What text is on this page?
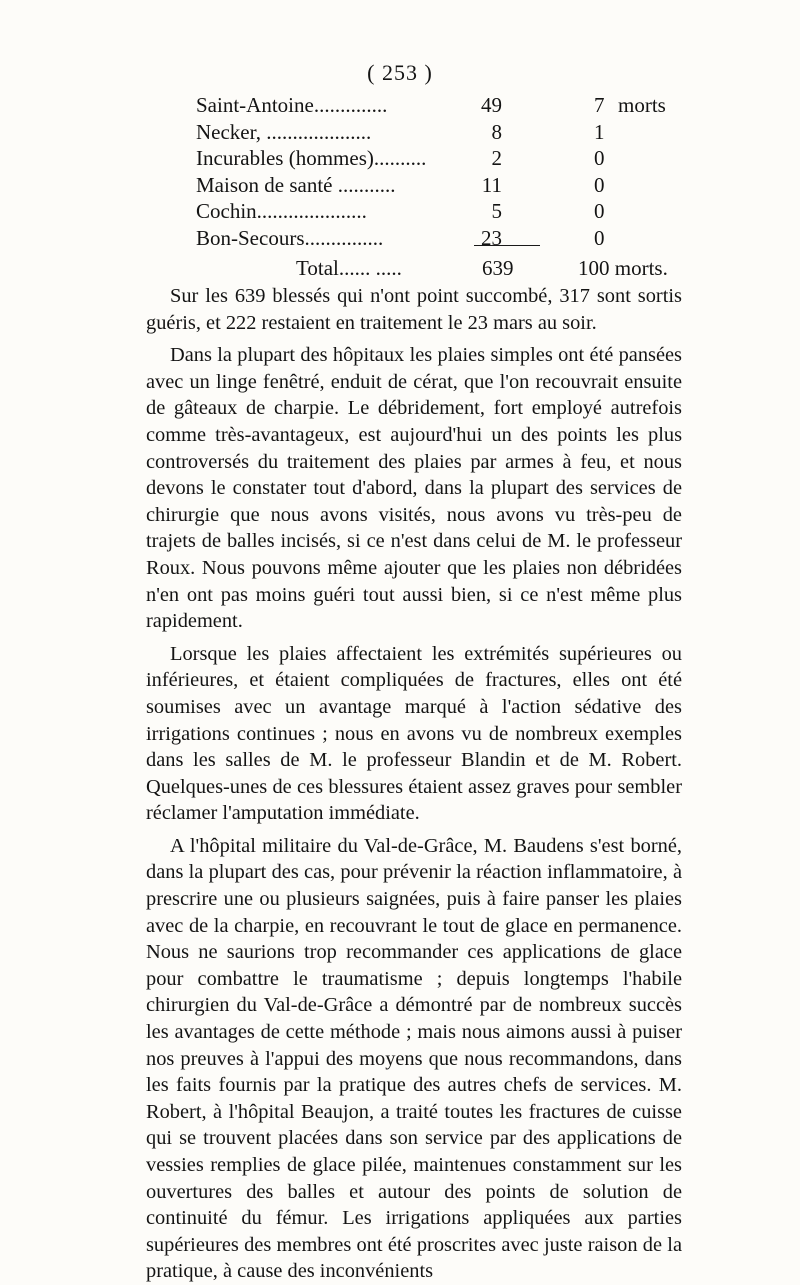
( 253 )
Saint-Antoine..............	49	7 morts
Necker, ....................	8	1
Incurables (hommes)..........	2	0
Maison de santé ...........	11	0
Cochin.....................	5	0
Bon-Secours...............	23	0
Total...... .....	639	100 morts.

Sur les 639 blessés qui n'ont point succombé, 317 sont sortis guéris, et 222 restaient en traitement le 23 mars au soir.

Dans la plupart des hôpitaux les plaies simples ont été pansées avec un linge fenêtré, enduit de cérat, que l'on recouvrait ensuite de gâteaux de charpie. Le débridement, fort employé autrefois comme très-avantageux, est aujourd'hui un des points les plus controversés du traitement des plaies par armes à feu, et nous devons le constater tout d'abord, dans la plupart des services de chirurgie que nous avons visités, nous avons vu très-peu de trajets de balles incisés, si ce n'est dans celui de M. le professeur Roux. Nous pouvons même ajouter que les plaies non débridées n'en ont pas moins guéri tout aussi bien, si ce n'est même plus rapidement.

Lorsque les plaies affectaient les extrémités supérieures ou inférieures, et étaient compliquées de fractures, elles ont été soumises avec un avantage marqué à l'action sédative des irrigations continues ; nous en avons vu de nombreux exemples dans les salles de M. le professeur Blandin et de M. Robert. Quelques-unes de ces blessures étaient assez graves pour sembler réclamer l'amputation immédiate.

A l'hôpital militaire du Val-de-Grâce, M. Baudens s'est borné, dans la plupart des cas, pour prévenir la réaction inflammatoire, à prescrire une ou plusieurs saignées, puis à faire panser les plaies avec de la charpie, en recouvrant le tout de glace en permanence. Nous ne saurions trop recommander ces applications de glace pour combattre le traumatisme ; depuis longtemps l'habile chirurgien du Val-de-Grâce a démontré par de nombreux succès les avantages de cette méthode ; mais nous aimons aussi à puiser nos preuves à l'appui des moyens que nous recommandons, dans les faits fournis par la pratique des autres chefs de services. M. Robert, à l'hôpital Beaujon, a traité toutes les fractures de cuisse qui se trouvent placées dans son service par des applications de vessies remplies de glace pilée, maintenues constamment sur les ouvertures des balles et autour des points de solution de continuité du fémur. Les irrigations appliquées aux parties supérieures des membres ont été proscrites avec juste raison de la pratique, à cause des inconvénients
